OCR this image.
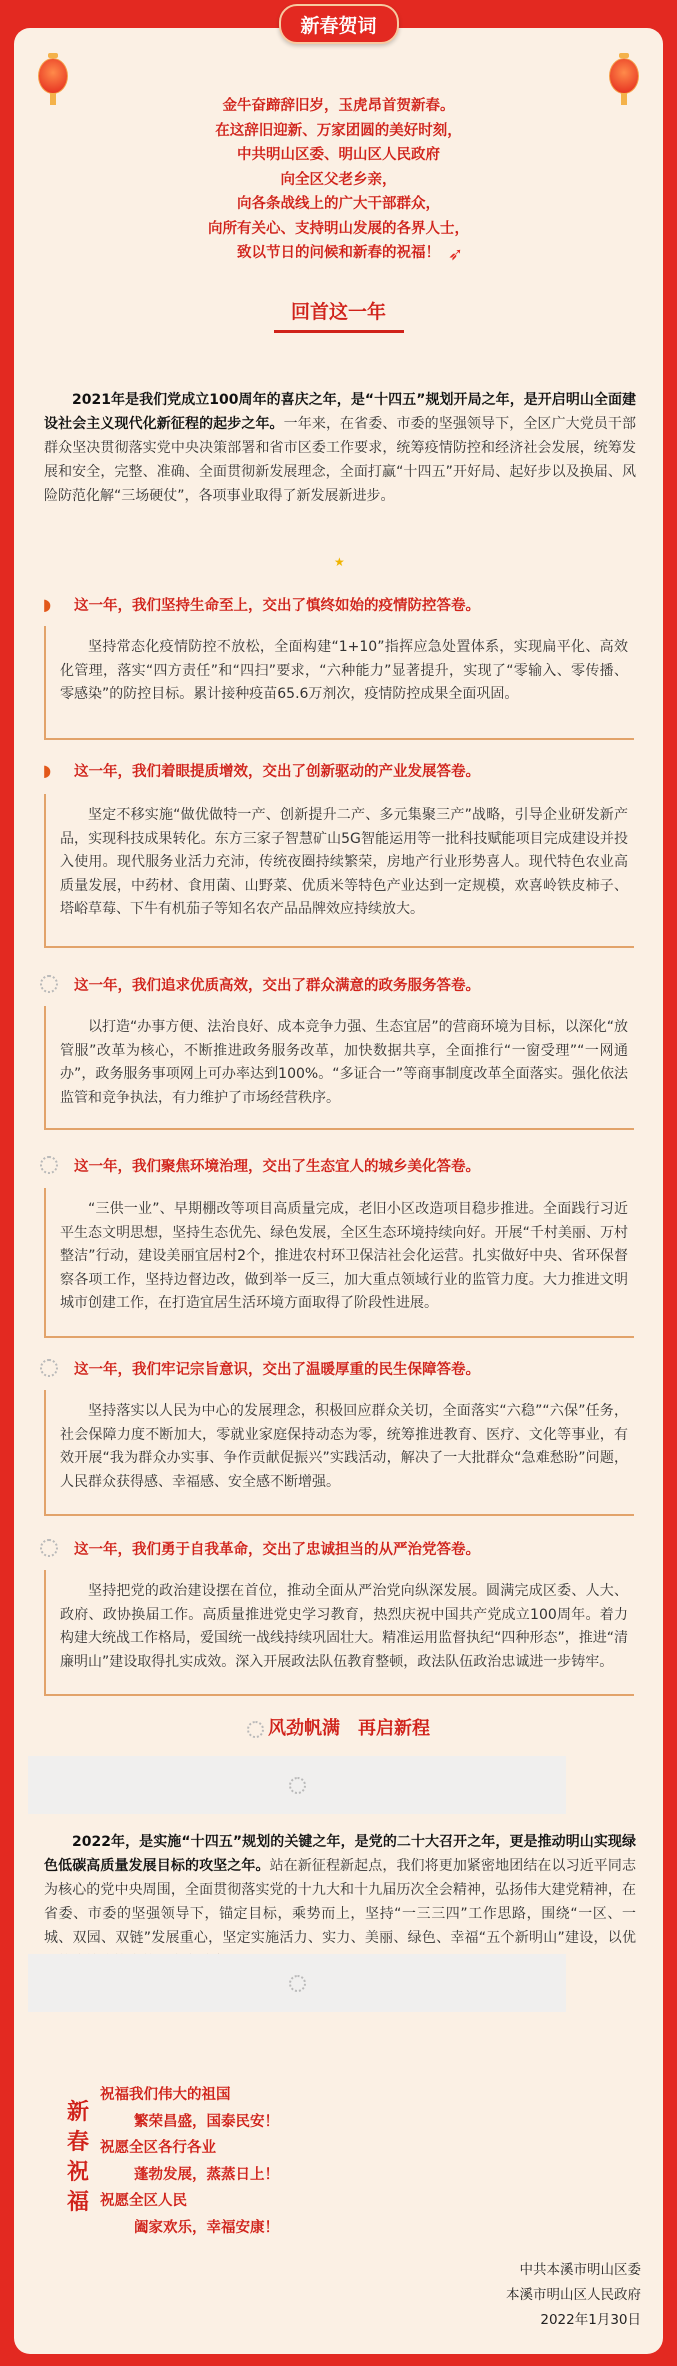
新春贺词
金牛奋蹄辞旧岁，玉虎昂首贺新春。
在这辞旧迎新、万家团圆的美好时刻，
中共明山区委、明山区人民政府
向全区父老乡亲，
向各条战线上的广大干部群众，
向所有关心、支持明山发展的各界人士，
致以节日的问候和新春的祝福！ ➶
回首这一年
2021年是我们党成立100周年的喜庆之年，是“十四五”规划开局之年，是开启明山全面建设社会主义现代化新征程的起步之年。一年来，在省委、市委的坚强领导下，全区广大党员干部群众坚决贯彻落实党中央决策部署和省市区委工作要求，统筹疫情防控和经济社会发展，统筹发展和安全，完整、准确、全面贯彻新发展理念，全面打赢“十四五”开好局、起好步以及换届、风险防范化解“三场硬仗”，各项事业取得了新发展新进步。
★
◗	这一年，我们坚持生命至上，交出了慎终如始的疫情防控答卷。
坚持常态化疫情防控不放松，全面构建“1+10”指挥应急处置体系，实现扁平化、高效化管理，落实“四方责任”和“四扫”要求，“六种能力”显著提升，实现了“零输入、零传播、零感染”的防控目标。累计接种疫苗65.6万剂次，疫情防控成果全面巩固。
◗	这一年，我们着眼提质增效，交出了创新驱动的产业发展答卷。
坚定不移实施“做优做特一产、创新提升二产、多元集聚三产”战略，引导企业研发新产品，实现科技成果转化。东方三家子智慧矿山5G智能运用等一批科技赋能项目完成建设并投入使用。现代服务业活力充沛，传统夜圈持续繁荣，房地产行业形势喜人。现代特色农业高质量发展，中药材、食用菌、山野菜、优质米等特色产业达到一定规模，欢喜岭铁皮柿子、塔峪草莓、下牛有机茄子等知名农产品品牌效应持续放大。
这一年，我们追求优质高效，交出了群众满意的政务服务答卷。
以打造“办事方便、法治良好、成本竞争力强、生态宜居”的营商环境为目标，以深化“放管服”改革为核心，不断推进政务服务改革，加快数据共享，全面推行“一窗受理”“一网通办”，政务服务事项网上可办率达到100%。“多证合一”等商事制度改革全面落实。强化依法监管和竞争执法，有力维护了市场经营秩序。
这一年，我们聚焦环境治理，交出了生态宜人的城乡美化答卷。
“三供一业”、早期棚改等项目高质量完成，老旧小区改造项目稳步推进。全面践行习近平生态文明思想，坚持生态优先、绿色发展，全区生态环境持续向好。开展“千村美丽、万村整洁”行动，建设美丽宜居村2个，推进农村环卫保洁社会化运营。扎实做好中央、省环保督察各项工作，坚持边督边改，做到举一反三，加大重点领域行业的监管力度。大力推进文明城市创建工作，在打造宜居生活环境方面取得了阶段性进展。
这一年，我们牢记宗旨意识，交出了温暖厚重的民生保障答卷。
坚持落实以人民为中心的发展理念，积极回应群众关切，全面落实“六稳”“六保”任务，社会保障力度不断加大，零就业家庭保持动态为零，统筹推进教育、医疗、文化等事业，有效开展“我为群众办实事、争作贡献促振兴”实践活动，解决了一大批群众“急难愁盼”问题，人民群众获得感、幸福感、安全感不断增强。
这一年，我们勇于自我革命，交出了忠诚担当的从严治党答卷。
坚持把党的政治建设摆在首位，推动全面从严治党向纵深发展。圆满完成区委、人大、政府、政协换届工作。高质量推进党史学习教育，热烈庆祝中国共产党成立100周年。着力构建大统战工作格局，爱国统一战线持续巩固壮大。精准运用监督执纪“四种形态”，推进“清廉明山”建设取得扎实成效。深入开展政法队伍教育整顿，政法队伍政治忠诚进一步铸牢。
风劲帆满　再启新程
2022年，是实施“十四五”规划的关键之年，是党的二十大召开之年，更是推动明山实现绿色低碳高质量发展目标的攻坚之年。站在新征程新起点，我们将更加紧密地团结在以习近平同志为核心的党中央周围，全面贯彻落实党的十九大和十九届历次全会精神，弘扬伟大建党精神，在省委、市委的坚强领导下，锚定目标，乘势而上，坚持“一三三四”工作思路，围绕“一区、一城、双园、双链”发展重心，坚定实施活力、实力、美丽、绿色、幸福“五个新明山”建设，以优
新春祝福
祝福我们伟大的祖国
繁荣昌盛，国泰民安！
祝愿全区各行各业
蓬勃发展，蒸蒸日上！
祝愿全区人民
阖家欢乐，幸福安康！
中共本溪市明山区委
本溪市明山区人民政府
2022年1月30日
